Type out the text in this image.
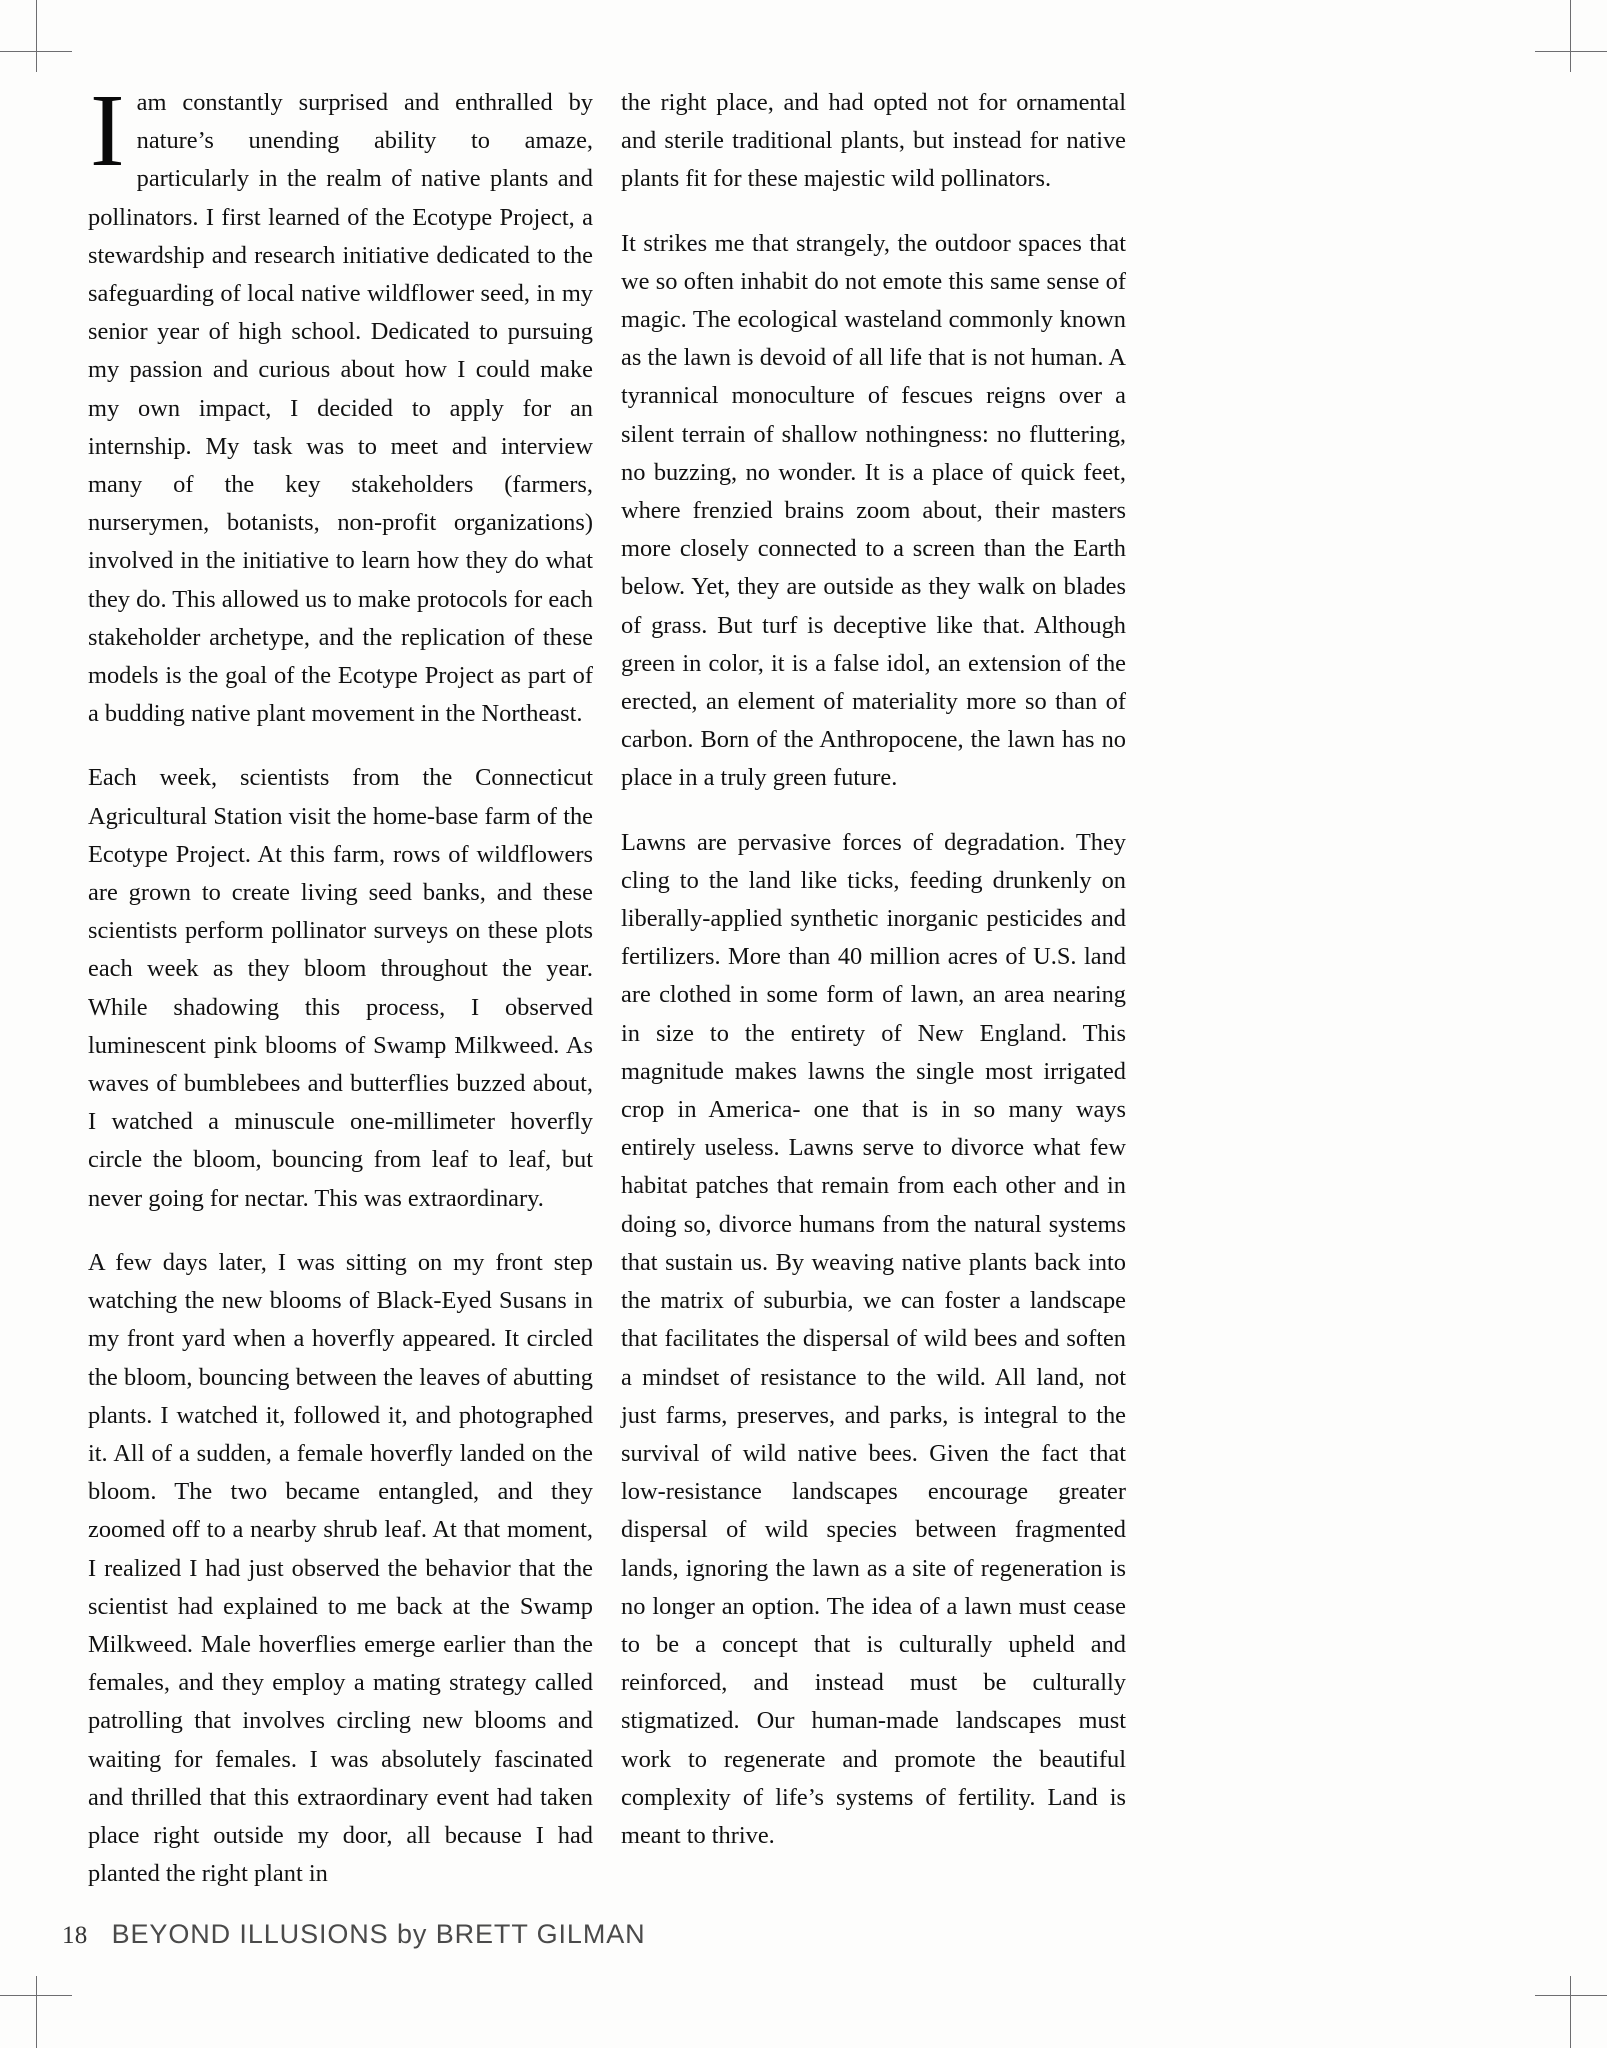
Iam constantly surprised and enthralled by nature’s unending ability to amaze, particularly in the realm of native plants and pollinators. I first learned of the Ecotype Project, a stewardship and research initiative dedicated to the safeguarding of local native wildflower seed, in my senior year of high school. Dedicated to pursuing my passion and curious about how I could make my own impact, I decided to apply for an internship. My task was to meet and interview many of the key stakeholders (farmers, nurserymen, botanists, non-profit organizations) involved in the initiative to learn how they do what they do. This allowed us to make protocols for each stakeholder archetype, and the replication of these models is the goal of the Ecotype Project as part of a budding native plant movement in the Northeast.

Each week, scientists from the Connecticut Agricultural Station visit the home-base farm of the Ecotype Project. At this farm, rows of wildflowers are grown to create living seed banks, and these scientists perform pollinator surveys on these plots each week as they bloom throughout the year. While shadowing this process, I observed luminescent pink blooms of Swamp Milkweed. As waves of bumblebees and butterflies buzzed about, I watched a minuscule one-millimeter hoverfly circle the bloom, bouncing from leaf to leaf, but never going for nectar. This was extraordinary.

A few days later, I was sitting on my front step watching the new blooms of Black-Eyed Susans in my front yard when a hoverfly appeared. It circled the bloom, bouncing between the leaves of abutting plants. I watched it, followed it, and photographed it. All of a sudden, a female hoverfly landed on the bloom. The two became entangled, and they zoomed off to a nearby shrub leaf. At that moment, I realized I had just observed the behavior that the scientist had explained to me back at the Swamp Milkweed. Male hoverflies emerge earlier than the females, and they employ a mating strategy called patrolling that involves circling new blooms and waiting for females. I was absolutely fascinated and thrilled that this extraordinary event had taken place right outside my door, all because I had planted the right plant in

the right place, and had opted not for ornamental and sterile traditional plants, but instead for native plants fit for these majestic wild pollinators.

It strikes me that strangely, the outdoor spaces that we so often inhabit do not emote this same sense of magic. The ecological wasteland commonly known as the lawn is devoid of all life that is not human. A tyrannical monoculture of fescues reigns over a silent terrain of shallow nothingness: no fluttering, no buzzing, no wonder. It is a place of quick feet, where frenzied brains zoom about, their masters more closely connected to a screen than the Earth below. Yet, they are outside as they walk on blades of grass. But turf is deceptive like that. Although green in color, it is a false idol, an extension of the erected, an element of materiality more so than of carbon. Born of the Anthropocene, the lawn has no place in a truly green future.

Lawns are pervasive forces of degradation. They cling to the land like ticks, feeding drunkenly on liberally-applied synthetic inorganic pesticides and fertilizers. More than 40 million acres of U.S. land are clothed in some form of lawn, an area nearing in size to the entirety of New England. This magnitude makes lawns the single most irrigated crop in America- one that is in so many ways entirely useless. Lawns serve to divorce what few habitat patches that remain from each other and in doing so, divorce humans from the natural systems that sustain us. By weaving native plants back into the matrix of suburbia, we can foster a landscape that facilitates the dispersal of wild bees and soften a mindset of resistance to the wild. All land, not just farms, preserves, and parks, is integral to the survival of wild native bees. Given the fact that low-resistance landscapes encourage greater dispersal of wild species between fragmented lands, ignoring the lawn as a site of regeneration is no longer an option. The idea of a lawn must cease to be a concept that is culturally upheld and reinforced, and instead must be culturally stigmatized. Our human-made landscapes must work to regenerate and promote the beautiful complexity of life’s systems of fertility. Land is meant to thrive.

18 BEYOND ILLUSIONS by BRETT GILMAN
